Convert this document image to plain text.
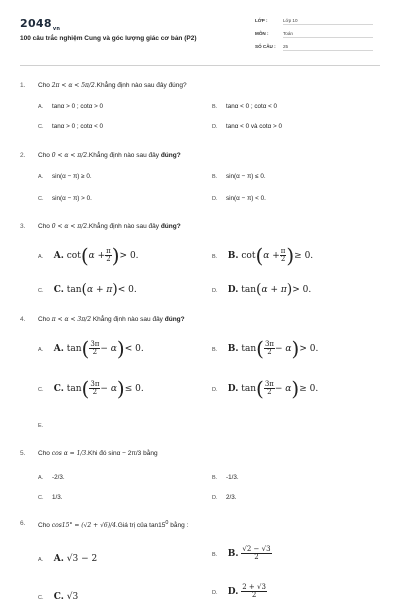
$2048_{vn}$
100 câu trắc nghiệm Cung và góc lượng giác cơ bản (P2)
LỚP :	Lớp 10
MÔN :	Toán
SỐ CÂU : 25
1. Cho 2π < α < 5π/2.Khẳng định nào sau đây đúng?
A. tanα > 0 ; cotα > 0	B. tanα < 0 ; cotα < 0
C. tanα > 0 ; cotα < 0	D. tanα < 0 và cotα > 0
2. Cho 0 < α < π/2.Khẳng định nào sau đây đúng?
A. sin(α − π) ≥ 0.	B. sin(α − π) ≤ 0.
C. sin(α − π) > 0.	D. sin(α − π) < 0.
3. Cho 0 < α < π/2.Khẳng định nào sau đây đúng?
A. A. $\cot(\alpha + \frac{\pi}{2}$ )> 0.	B. B. $\cot(\alpha + \frac{\pi}{2}$ )≥ 0.
C. C. tan(α + π)< 0.	D. D. tan(α + π)> 0.
4. Cho π < α < 3π/2 Khẳng định nào sau đây đúng?
A. A. $\tan( \frac{3\pi}{2} - \alpha)< 0$.	B. B. $\tan( \frac{3\pi}{2} - \alpha)> 0$.
C. C. $\tan( \frac{3\pi}{2} - \alpha)\le 0$.	D. D. $\tan( \frac{3\pi}{2} - \alpha)\ge 0$.
E.
5. Cho cos α = 1/3.Khi đó sinα − 2π/3 bằng
A. -2/3.	B. -1/3.
C. 1/3.	D. 2/3.
6. Cho cos15° = (√2 + √6)/4.Giá trị của $\tan 15^0$ bằng :
A. A. √3 − 2	B. B. $\frac{√2 - √3}{2}$
C. C. √3	D. D. $\frac{2 + √3}{2}$
